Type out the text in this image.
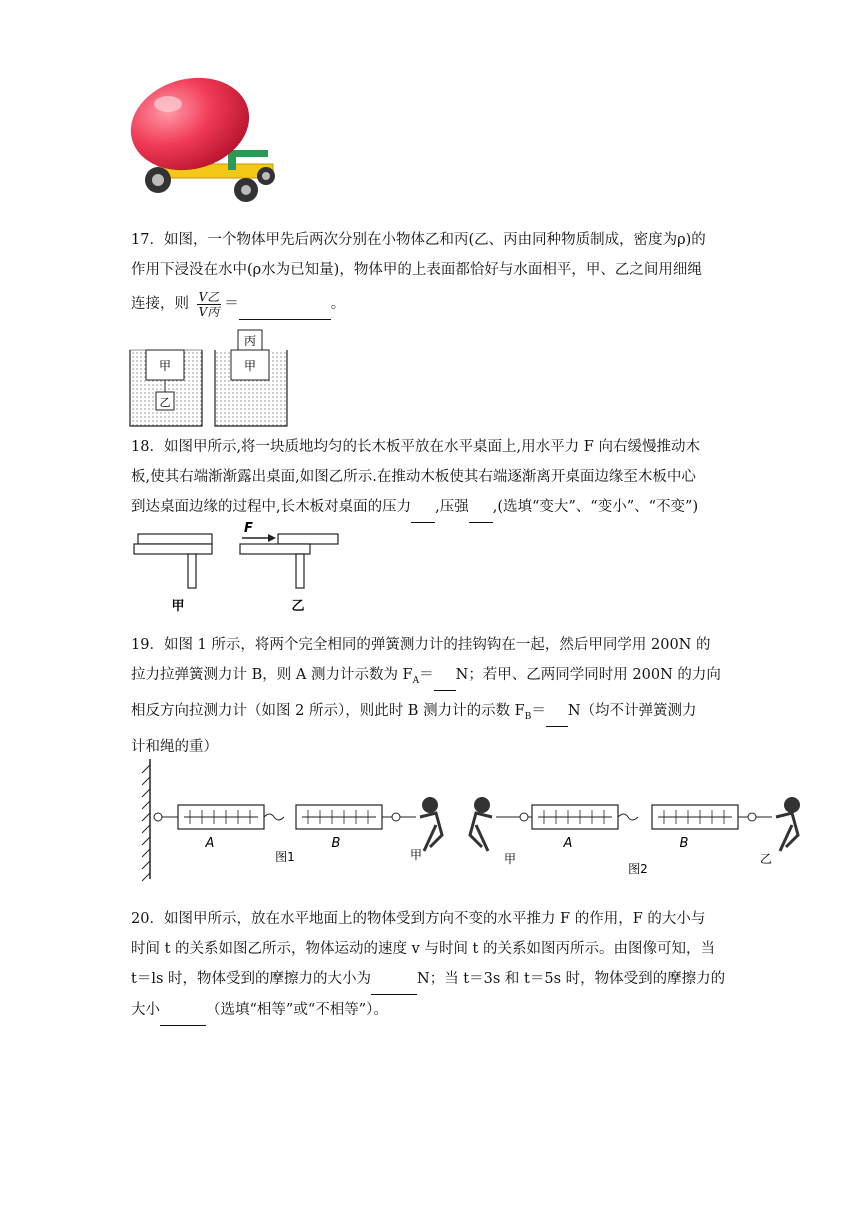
17．如图，一个物体甲先后两次分别在小物体乙和丙(乙、丙由同种物质制成，密度为ρ)的
作用下浸没在水中(ρ水为已知量)，物体甲的上表面都恰好与水面相平，甲、乙之间用细绳
连接，则 $\frac{\text{V乙}}{\text{V丙}}$ ＝	。
甲
乙
甲
丙
18．如图甲所示,将一块质地均匀的长木板平放在水平桌面上,用水平力 F 向右缓慢推动木
板,使其右端渐渐露出桌面,如图乙所示.在推动木板使其右端逐渐离开桌面边缘至木板中心
到达桌面边缘的过程中,长木板对桌面的压力 ,压强 ,(选填“变大”、“变小”、“不变”)
甲
F
乙
19．如图 1 所示，将两个完全相同的弹簧测力计的挂钩钩在一起，然后甲同学用 200N 的
拉力拉弹簧测力计 B，则 A 测力计示数为 $F_A= N$；若甲、乙两同学同时用 200N 的力向
相反方向拉测力计（如图 2 所示），则此时 B 测力计的示数 $F_B= N$（均不计弹簧测力
计和绳的重）
A	B
图1	甲	甲
A	B
图2
乙
20．如图甲所示，放在水平地面上的物体受到方向不变的水平推力 F 的作用，F 的大小与
时间 t 的关系如图乙所示，物体运动的速度 v 与时间 t 的关系如图丙所示。由图像可知，当
t＝ls 时，物体受到的摩擦力的大小为	N；当 t＝3s 和 t＝5s 时，物体受到的摩擦力的
大小	（选填“相等”或“不相等”）。
